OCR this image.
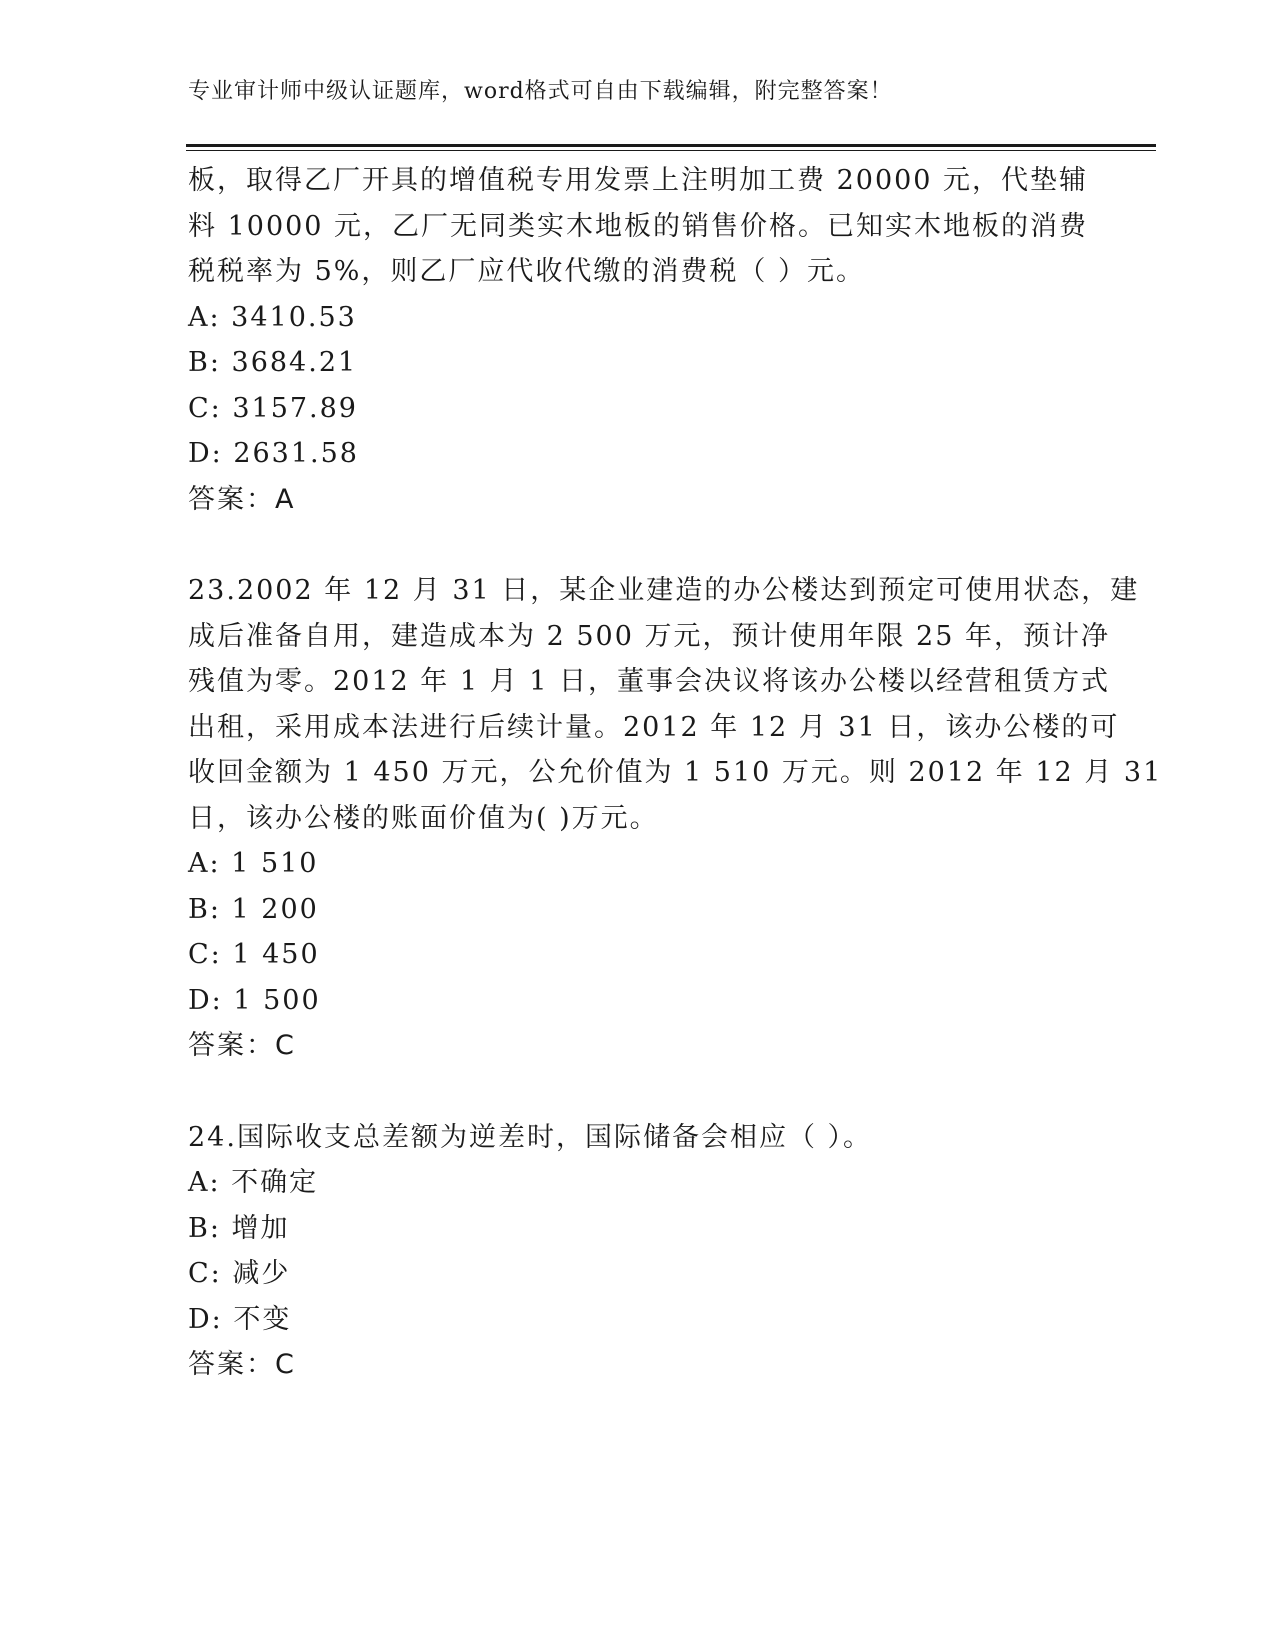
专业审计师中级认证题库，word格式可自由下载编辑，附完整答案！
板，取得乙厂开具的增值税专用发票上注明加工费 20000 元，代垫辅
料 10000 元，乙厂无同类实木地板的销售价格。已知实木地板的消费
税税率为 5%，则乙厂应代收代缴的消费税（ ）元。
A: 3410.53
B: 3684.21
C: 3157.89
D: 2631.58
答案：A
23.2002 年 12 月 31 日，某企业建造的办公楼达到预定可使用状态，建
成后准备自用，建造成本为 2 500 万元，预计使用年限 25 年，预计净
残值为零。2012 年 1 月 1 日，董事会决议将该办公楼以经营租赁方式
出租，采用成本法进行后续计量。2012 年 12 月 31 日，该办公楼的可
收回金额为 1 450 万元，公允价值为 1 510 万元。则 2012 年 12 月 31
日，该办公楼的账面价值为( )万元。
A: 1 510
B: 1 200
C: 1 450
D: 1 500
答案：C
24.国际收支总差额为逆差时，国际储备会相应（ ）。
A: 不确定
B: 增加
C: 减少
D: 不变
答案：C
